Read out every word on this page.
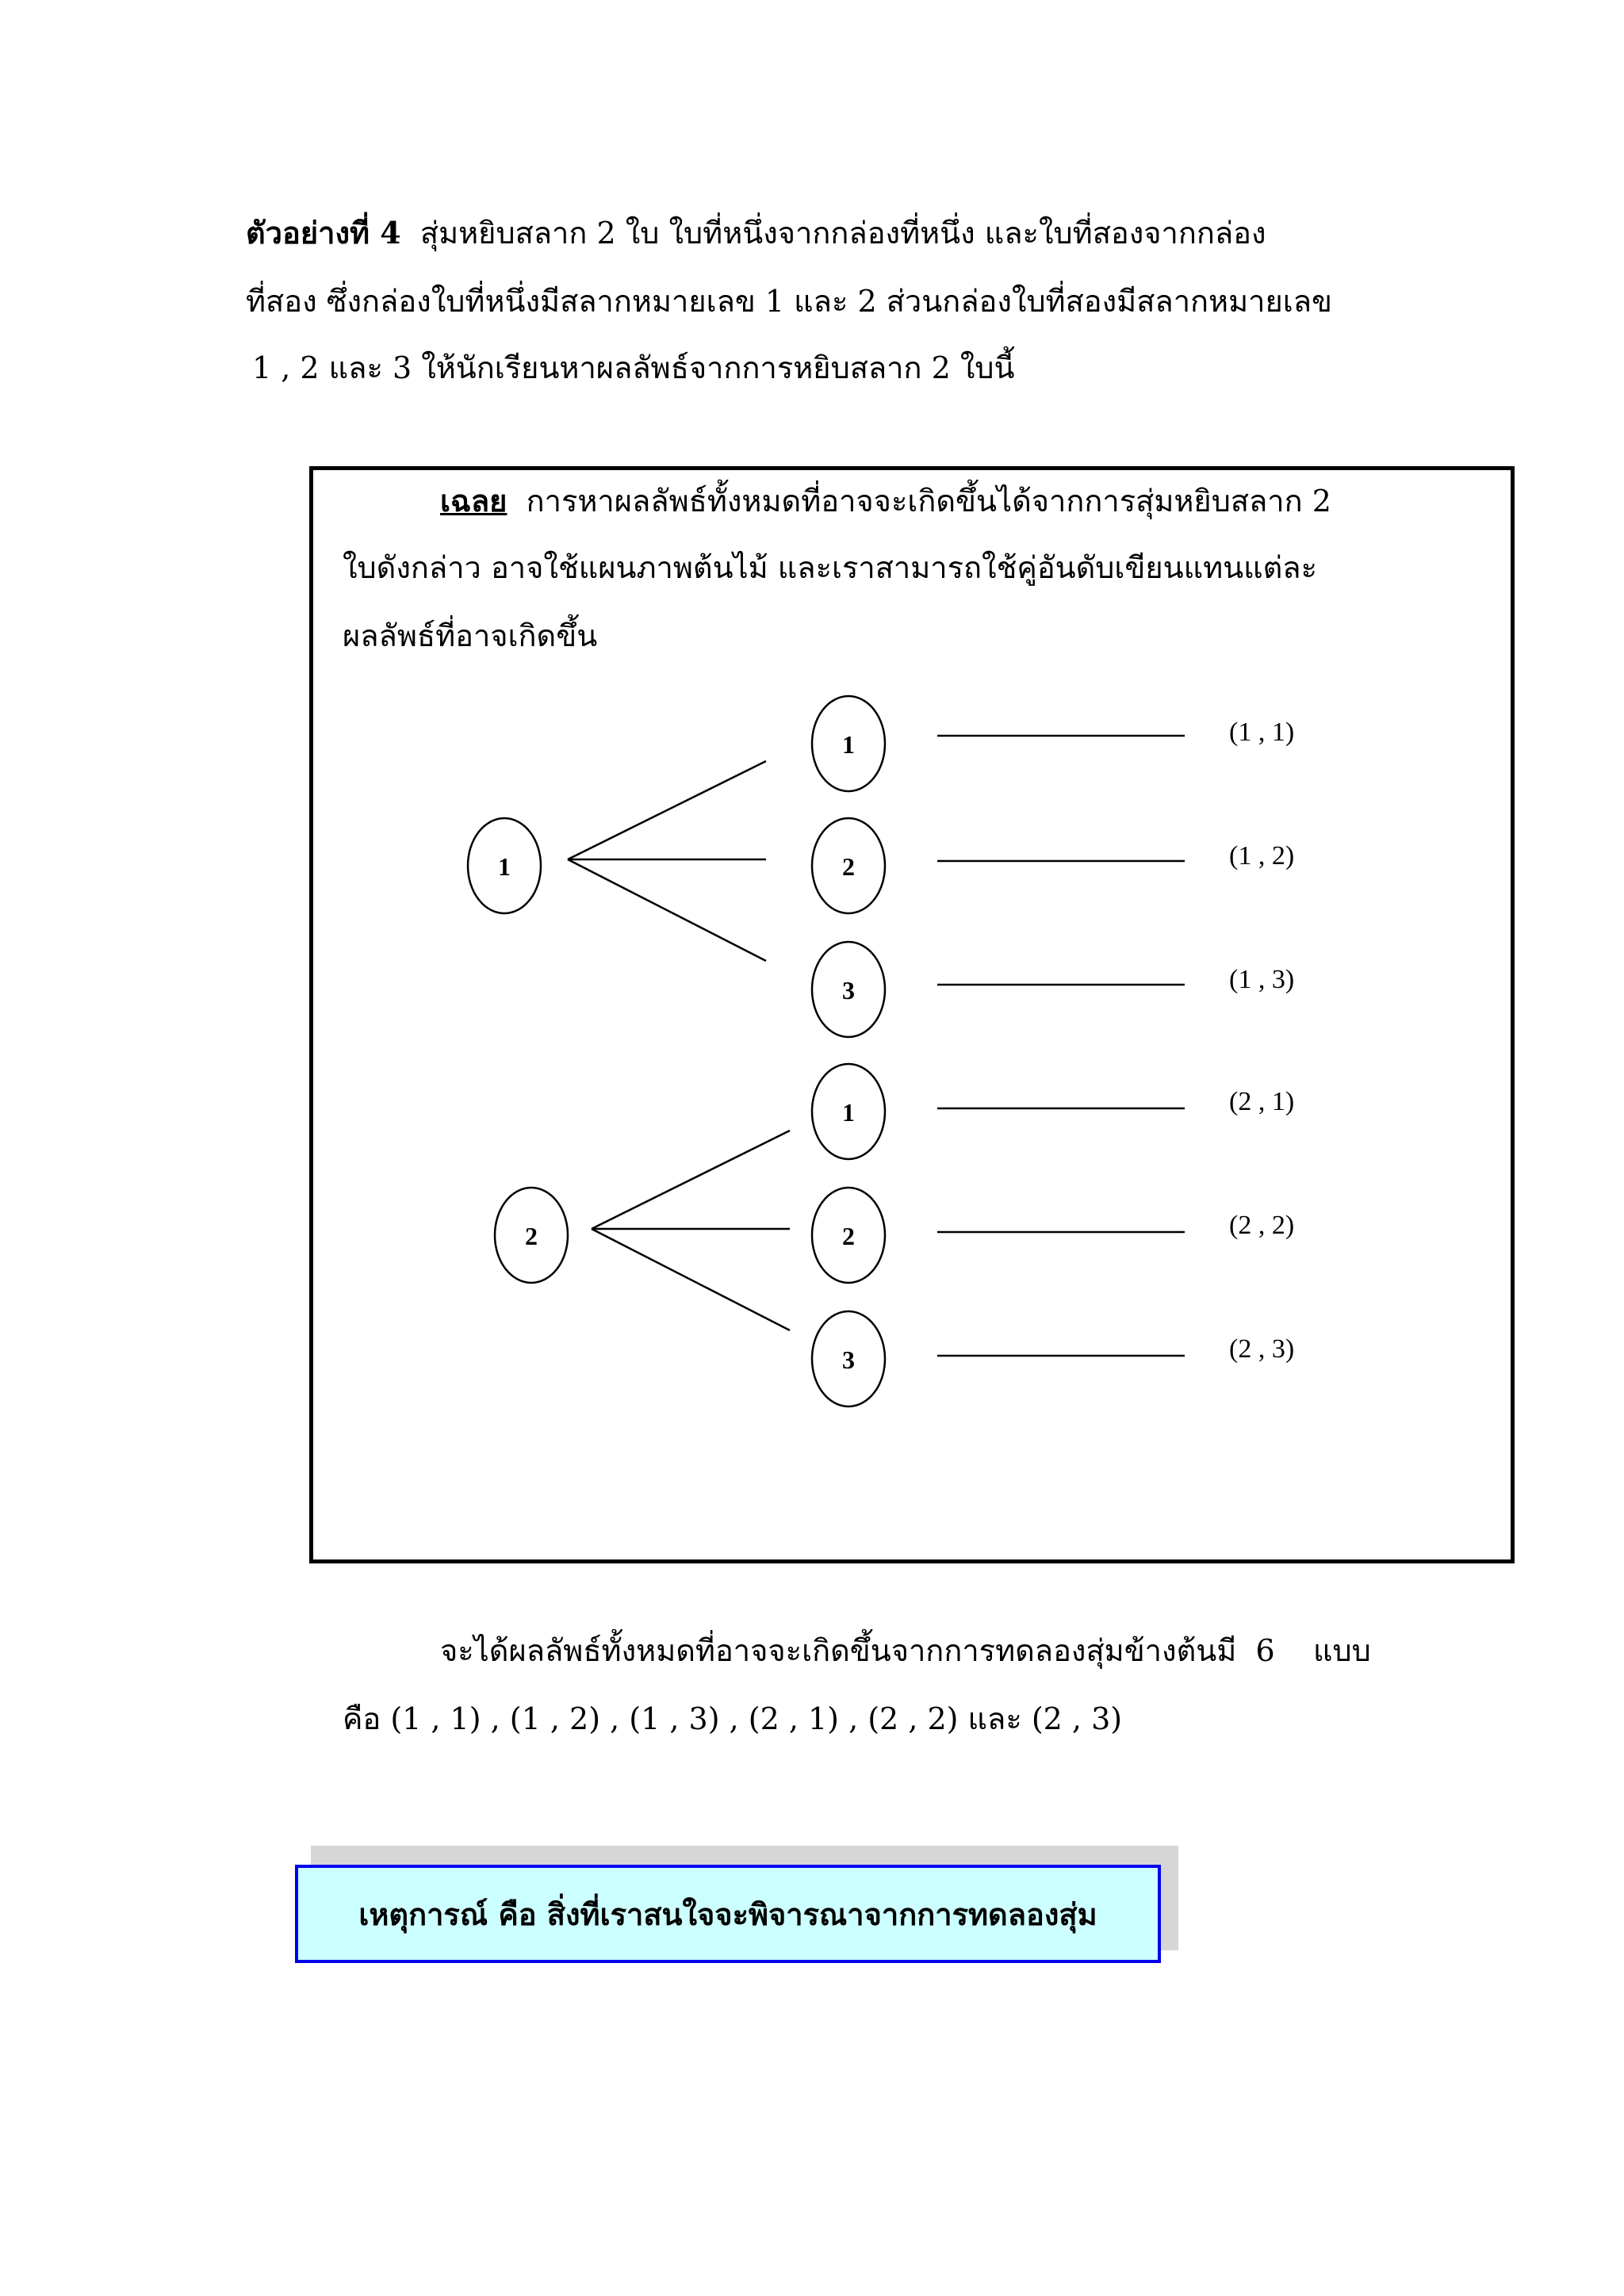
ตัวอย่างที่ 4 สุ่มหยิบสลาก 2 ใบ ใบที่หนึ่งจากกล่องที่หนึ่ง และใบที่สองจากกล่อง
ที่สอง ซึ่งกล่องใบที่หนึ่งมีสลากหมายเลข 1 และ 2 ส่วนกล่องใบที่สองมีสลากหมายเลข
1 , 2 และ 3 ให้นักเรียนหาผลลัพธ์จากการหยิบสลาก 2 ใบนี้
เฉลย การหาผลลัพธ์ทั้งหมดที่อาจจะเกิดขึ้นได้จากการสุ่มหยิบสลาก 2
ใบดังกล่าว อาจใช้แผนภาพต้นไม้ และเราสามารถใช้คู่อันดับเขียนแทนแต่ละ
ผลลัพธ์ที่อาจเกิดขึ้น
1
2
1
2
3
1
2
3
(1 , 1)
(1 , 2)
(1 , 3)
(2 , 1)
(2 , 2)
(2 , 3)
จะได้ผลลัพธ์ทั้งหมดที่อาจจะเกิดขึ้นจากการทดลองสุ่มข้างต้นมี 6 แบบ
คือ (1 , 1) , (1 , 2) , (1 , 3) , (2 , 1) , (2 , 2) และ (2 , 3)
เหตุการณ์ คือ สิ่งที่เราสนใจจะพิจารณาจากการทดลองสุ่ม
